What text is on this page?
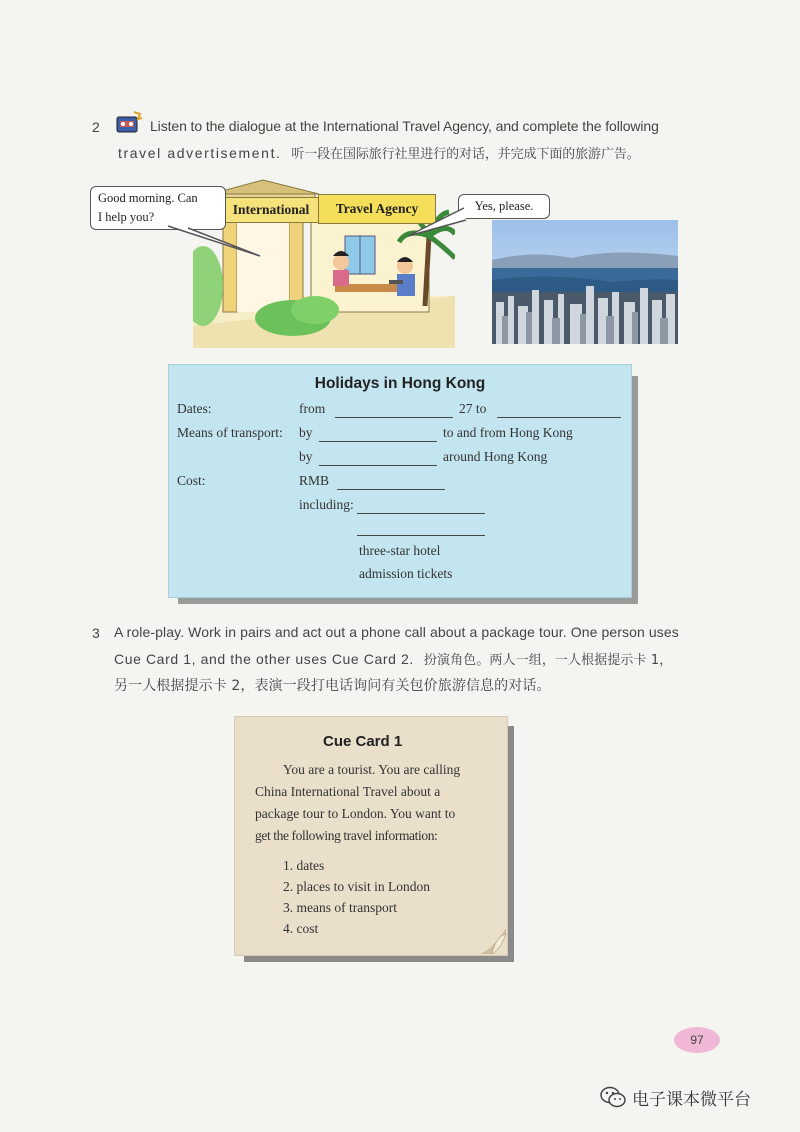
2	Listen to the dialogue at the International Travel Agency, and complete the following
travel advertisement. 听一段在国际旅行社里进行的对话，并完成下面的旅游广告。
International	Travel Agency
Good morning. Can
I help you?
Yes, please.
Holidays in Hong Kong
Dates:	from	27 to
Means of transport: by	to and from Hong Kong
by	around Hong Kong
Cost:	RMB
including:
three-star hotel
admission tickets
3 A role-play. Work in pairs and act out a phone call about a package tour. One person uses
Cue Card 1, and the other uses Cue Card 2. 扮演角色。两人一组，一人根据提示卡 1，
另一人根据提示卡 2，表演一段打电话询问有关包价旅游信息的对话。
Cue Card 1
You are a tourist. You are calling
China International Travel about a
package tour to London. You want to
get the following travel information:
1. dates
2. places to visit in London
3. means of transport
4. cost
97
电子课本微平台
